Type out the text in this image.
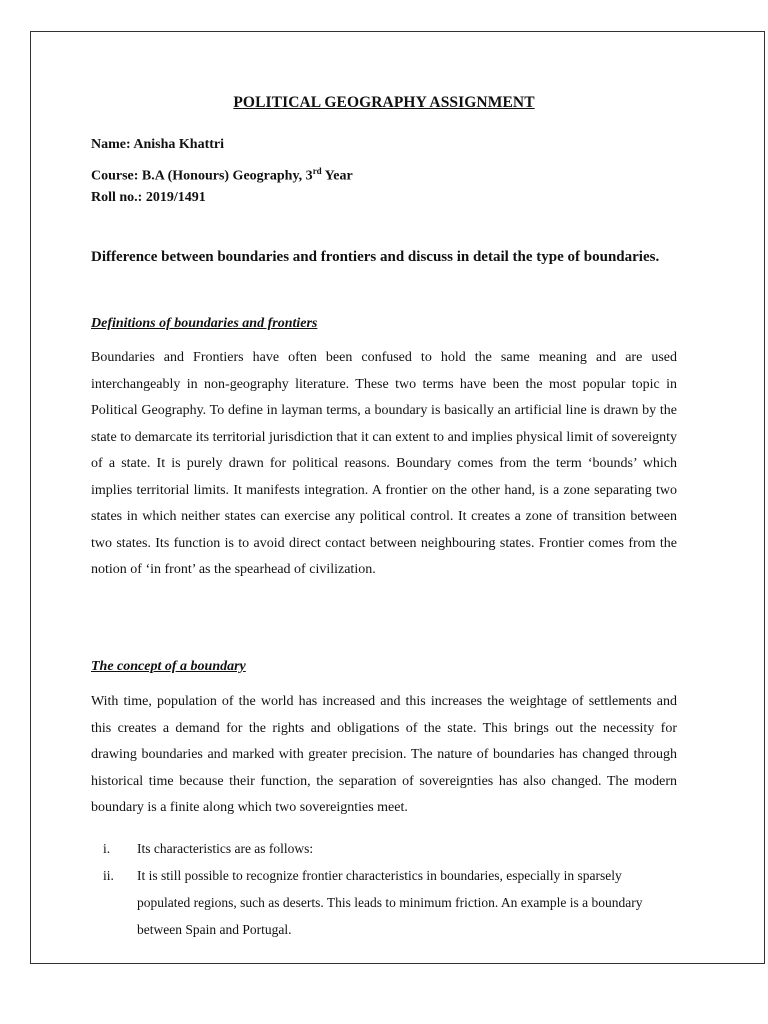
POLITICAL GEOGRAPHY ASSIGNMENT
Name: Anisha Khattri
Course: B.A (Honours) Geography, 3rd Year
Roll no.: 2019/1491
Difference between boundaries and frontiers and discuss in detail the type of boundaries.
Definitions of boundaries and frontiers

Boundaries and Frontiers have often been confused to hold the same meaning and are used interchangeably in non-geography literature. These two terms have been the most popular topic in Political Geography. To define in layman terms, a boundary is basically an artificial line is drawn by the state to demarcate its territorial jurisdiction that it can extent to and implies physical limit of sovereignty of a state. It is purely drawn for political reasons. Boundary comes from the term ‘bounds’ which implies territorial limits. It manifests integration. A frontier on the other hand, is a zone separating two states in which neither states can exercise any political control. It creates a zone of transition between two states. Its function is to avoid direct contact between neighbouring states. Frontier comes from the notion of ‘in front’ as the spearhead of civilization.

The concept of a boundary

With time, population of the world has increased and this increases the weightage of settlements and this creates a demand for the rights and obligations of the state. This brings out the necessity for drawing boundaries and marked with greater precision. The nature of boundaries has changed through historical time because their function, the separation of sovereignties has also changed. The modern boundary is a finite along which two sovereignties meet.

i. Its characteristics are as follows:
ii. It is still possible to recognize frontier characteristics in boundaries, especially in sparsely populated regions, such as deserts. This leads to minimum friction. An example is a boundary between Spain and Portugal.
